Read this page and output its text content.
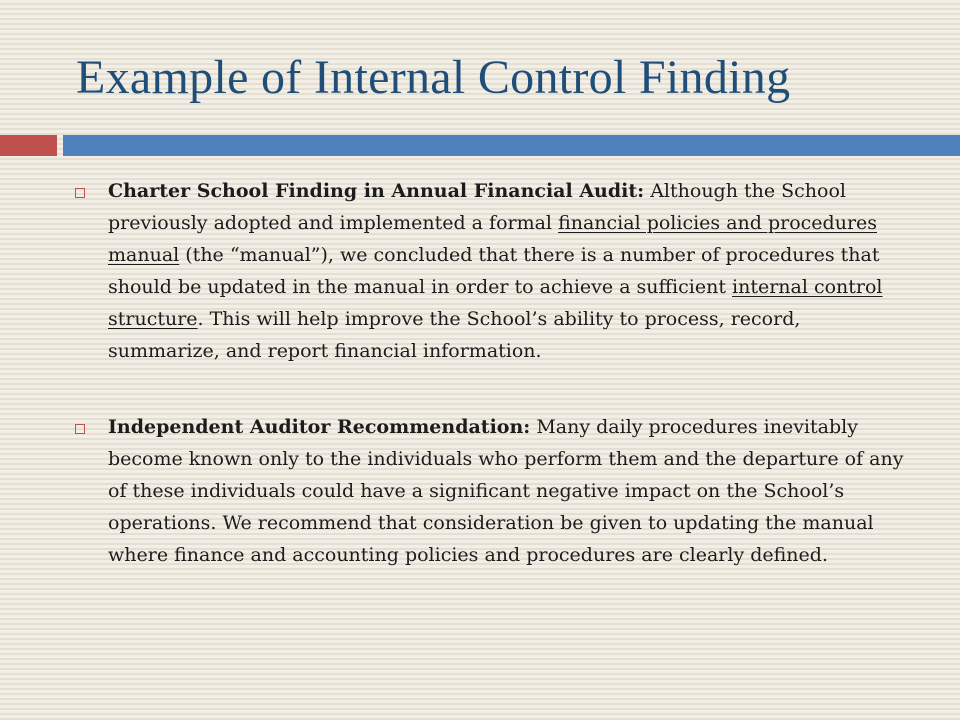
Example of Internal Control Finding
Charter School Finding in Annual Financial Audit: Although the School previously adopted and implemented a formal financial policies and procedures manual (the “manual”), we concluded that there is a number of procedures that should be updated in the manual in order to achieve a sufficient internal control structure. This will help improve the School’s ability to process, record, summarize, and report financial information.
Independent Auditor Recommendation: Many daily procedures inevitably become known only to the individuals who perform them and the departure of any of these individuals could have a significant negative impact on the School’s operations. We recommend that consideration be given to updating the manual where finance and accounting policies and procedures are clearly defined.
